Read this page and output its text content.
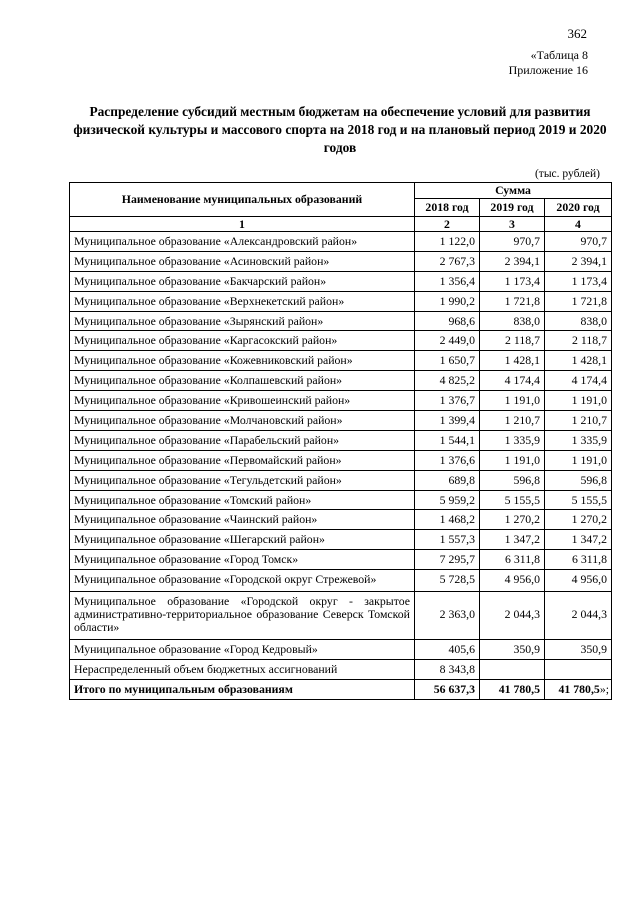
362
«Таблица 8
Приложение 16
Распределение субсидий местным бюджетам на обеспечение условий для развития физической культуры и массового спорта на 2018 год и на плановый период 2019 и 2020 годов
(тыс. рублей)
Наименование муниципальных образований	Сумма		
	2018 год	2019 год	2020 год
1	2	3	4
Муниципальное образование «Александровский район»	1 122,0	970,7	970,7
Муниципальное образование «Асиновский район»	2 767,3	2 394,1	2 394,1
Муниципальное образование «Бакчарский район»	1 356,4	1 173,4	1 173,4
Муниципальное образование «Верхнекетский район»	1 990,2	1 721,8	1 721,8
Муниципальное образование «Зырянский район»	968,6	838,0	838,0
Муниципальное образование «Каргасокский район»	2 449,0	2 118,7	2 118,7
Муниципальное образование «Кожевниковский район»	1 650,7	1 428,1	1 428,1
Муниципальное образование «Колпашевский район»	4 825,2	4 174,4	4 174,4
Муниципальное образование «Кривошеинский район»	1 376,7	1 191,0	1 191,0
Муниципальное образование «Молчановский район»	1 399,4	1 210,7	1 210,7
Муниципальное образование «Парабельский район»	1 544,1	1 335,9	1 335,9
Муниципальное образование «Первомайский район»	1 376,6	1 191,0	1 191,0
Муниципальное образование «Тегульдетский район»	689,8	596,8	596,8
Муниципальное образование «Томский район»	5 959,2	5 155,5	5 155,5
Муниципальное образование «Чаинский район»	1 468,2	1 270,2	1 270,2
Муниципальное образование «Шегарский район»	1 557,3	1 347,2	1 347,2
Муниципальное образование «Город Томск»	7 295,7	6 311,8	6 311,8
Муниципальное образование «Городской округ Стрежевой»	5 728,5	4 956,0	4 956,0
Муниципальное образование «Городской округ - закрытое административно-территориальное образование Северск Томской области»	2 363,0	2 044,3	2 044,3
Муниципальное образование «Город Кедровый»	405,6	350,9	350,9
Нераспределенный объем бюджетных ассигнований	8 343,8		
Итого по муниципальным образованиям	56 637,3	41 780,5	41 780,5»;
